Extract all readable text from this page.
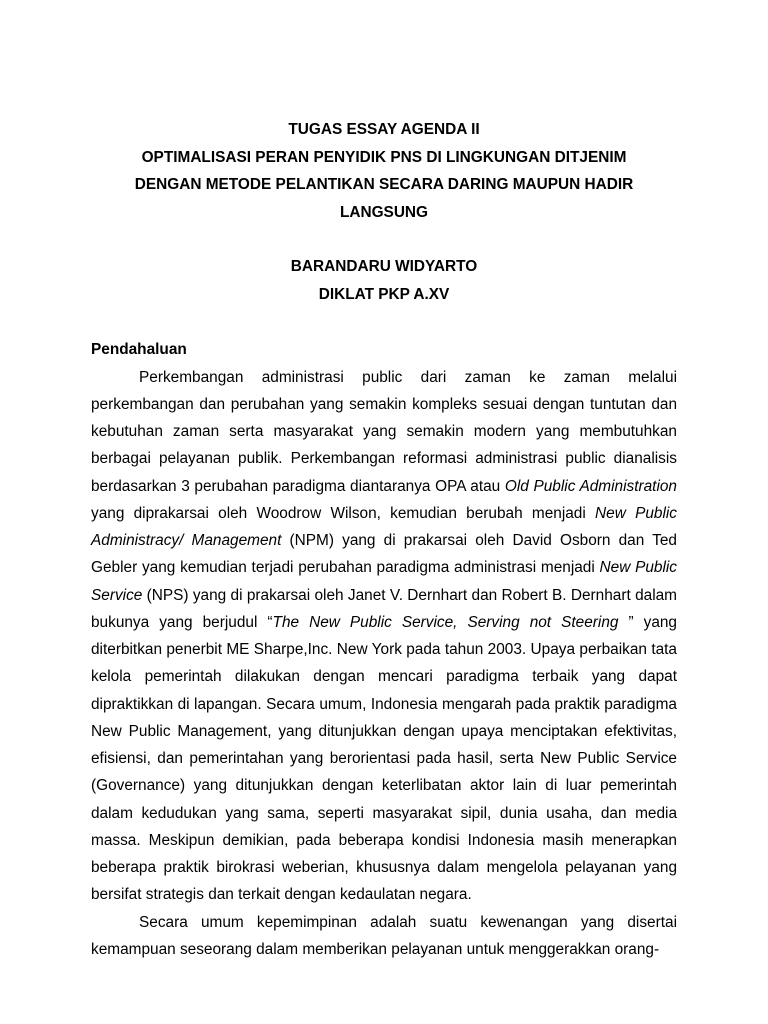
TUGAS ESSAY AGENDA II
OPTIMALISASI PERAN PENYIDIK PNS DI LINGKUNGAN DITJENIM
DENGAN METODE PELANTIKAN SECARA DARING MAUPUN HADIR LANGSUNG
BARANDARU WIDYARTO
DIKLAT PKP A.XV
Pendahaluan

Perkembangan administrasi public dari zaman ke zaman melalui perkembangan dan perubahan yang semakin kompleks sesuai dengan tuntutan dan kebutuhan zaman serta masyarakat yang semakin modern yang membutuhkan berbagai pelayanan publik. Perkembangan reformasi administrasi public dianalisis berdasarkan 3 perubahan paradigma diantaranya OPA atau Old Public Administration yang diprakarsai oleh Woodrow Wilson, kemudian berubah menjadi New Public Administracy/ Management (NPM) yang di prakarsai oleh David Osborn dan Ted Gebler yang kemudian terjadi perubahan paradigma administrasi menjadi New Public Service (NPS) yang di prakarsai oleh Janet V. Dernhart dan Robert B. Dernhart dalam bukunya yang berjudul “The New Public Service, Serving not Steering ” yang diterbitkan penerbit ME Sharpe,Inc. New York pada tahun 2003. Upaya perbaikan tata kelola pemerintah dilakukan dengan mencari paradigma terbaik yang dapat dipraktikkan di lapangan. Secara umum, Indonesia mengarah pada praktik paradigma New Public Management, yang ditunjukkan dengan upaya menciptakan efektivitas, efisiensi, dan pemerintahan yang berorientasi pada hasil, serta New Public Service (Governance) yang ditunjukkan dengan keterlibatan aktor lain di luar pemerintah dalam kedudukan yang sama, seperti masyarakat sipil, dunia usaha, dan media massa. Meskipun demikian, pada beberapa kondisi Indonesia masih menerapkan beberapa praktik birokrasi weberian, khususnya dalam mengelola pelayanan yang bersifat strategis dan terkait dengan kedaulatan negara.

Secara umum kepemimpinan adalah suatu kewenangan yang disertai kemampuan seseorang dalam memberikan pelayanan untuk menggerakkan orang-
